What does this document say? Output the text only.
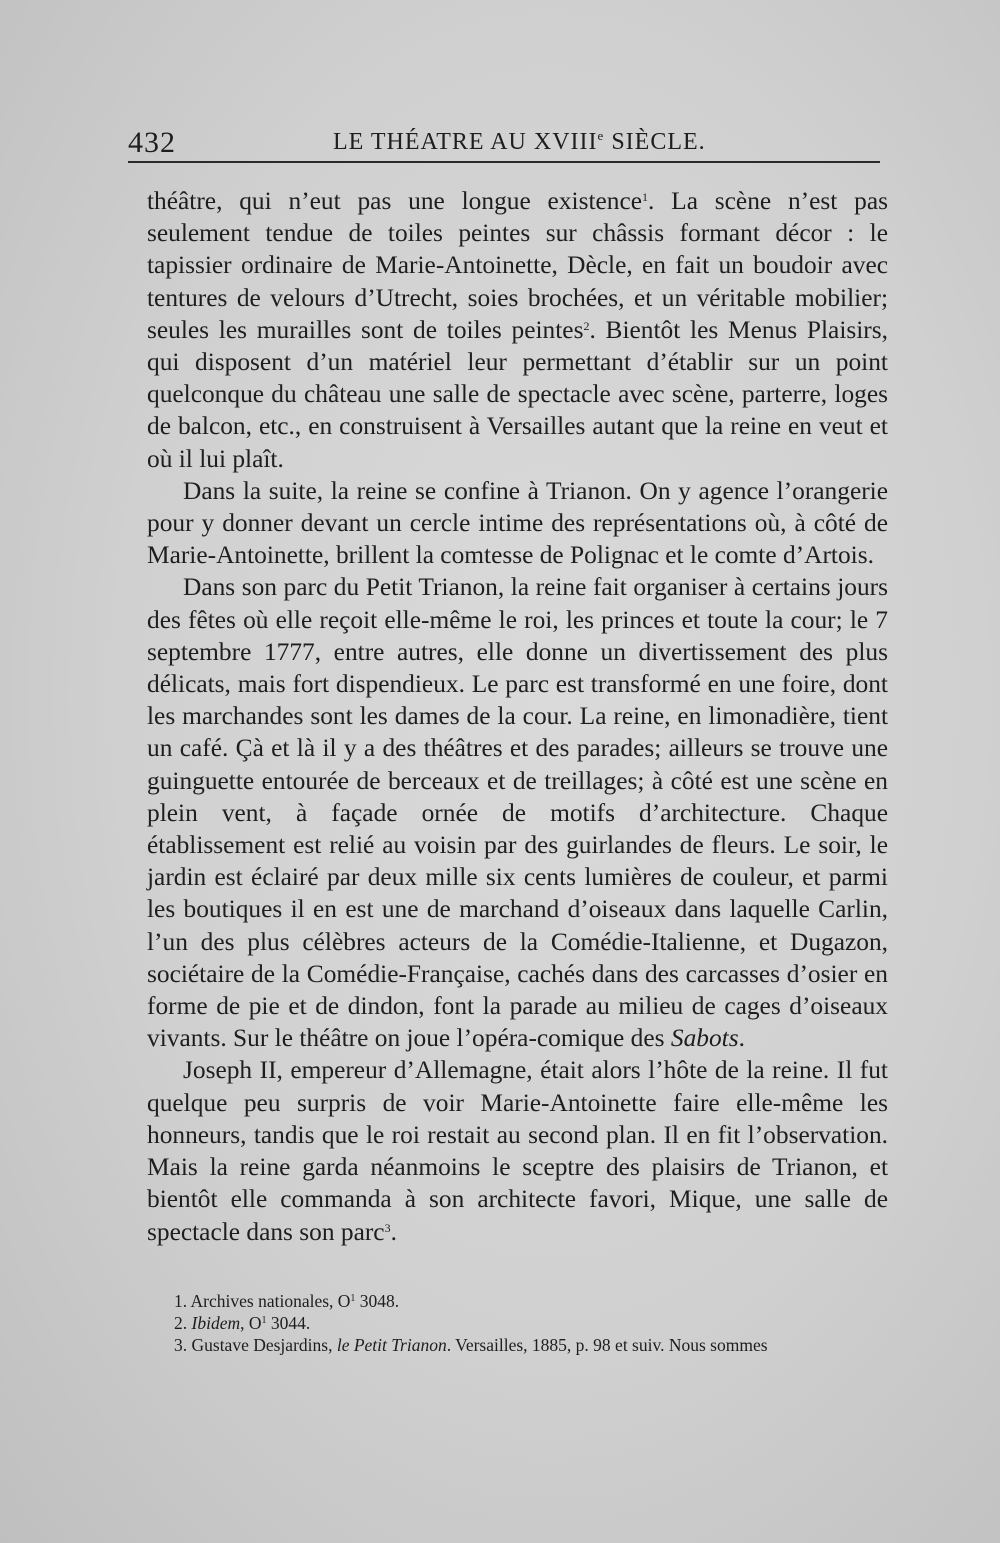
432	LE THÉATRE AU XVIIIe SIÈCLE.

théâtre, qui n’eut pas une longue existence$^1$. La scène n’est pas seulement tendue de toiles peintes sur châssis formant décor : le tapissier ordinaire de Marie-Antoinette, Dècle, en fait un boudoir avec tentures de velours d’Utrecht, soies brochées, et un véritable mobilier; seules les murailles sont de toiles peintes$^2$. Bientôt les Menus Plaisirs, qui disposent d’un matériel leur permettant d’établir sur un point quelconque du château une salle de spectacle avec scène, parterre, loges de balcon, etc., en construisent à Versailles autant que la reine en veut et où il lui plaît.

Dans la suite, la reine se confine à Trianon. On y agence l’orangerie pour y donner devant un cercle intime des représentations où, à côté de Marie-Antoinette, brillent la comtesse de Polignac et le comte d’Artois.

Dans son parc du Petit Trianon, la reine fait organiser à certains jours des fêtes où elle reçoit elle-même le roi, les princes et toute la cour; le 7 septembre 1777, entre autres, elle donne un divertissement des plus délicats, mais fort dispendieux. Le parc est transformé en une foire, dont les marchandes sont les dames de la cour. La reine, en limonadière, tient un café. Çà et là il y a des théâtres et des parades; ailleurs se trouve une guinguette entourée de berceaux et de treillages; à côté est une scène en plein vent, à façade ornée de motifs d’architecture. Chaque établissement est relié au voisin par des guirlandes de fleurs. Le soir, le jardin est éclairé par deux mille six cents lumières de couleur, et parmi les boutiques il en est une de marchand d’oiseaux dans laquelle Carlin, l’un des plus célèbres acteurs de la Comédie-Italienne, et Dugazon, sociétaire de la Comédie-Française, cachés dans des carcasses d’osier en forme de pie et de dindon, font la parade au milieu de cages d’oiseaux vivants. Sur le théâtre on joue l’opéra-comique des Sabots.

Joseph II, empereur d’Allemagne, était alors l’hôte de la reine. Il fut quelque peu surpris de voir Marie-Antoinette faire elle-même les honneurs, tandis que le roi restait au second plan. Il en fit l’observation. Mais la reine garda néanmoins le sceptre des plaisirs de Trianon, et bientôt elle commanda à son architecte favori, Mique, une salle de spectacle dans son parc$^3$.

1. Archives nationales, $O^1$ 3048.
2. Ibidem, $O^1$ 3044.
3. Gustave Desjardins, le Petit Trianon. Versailles, 1885, p. 98 et suiv. Nous sommes
